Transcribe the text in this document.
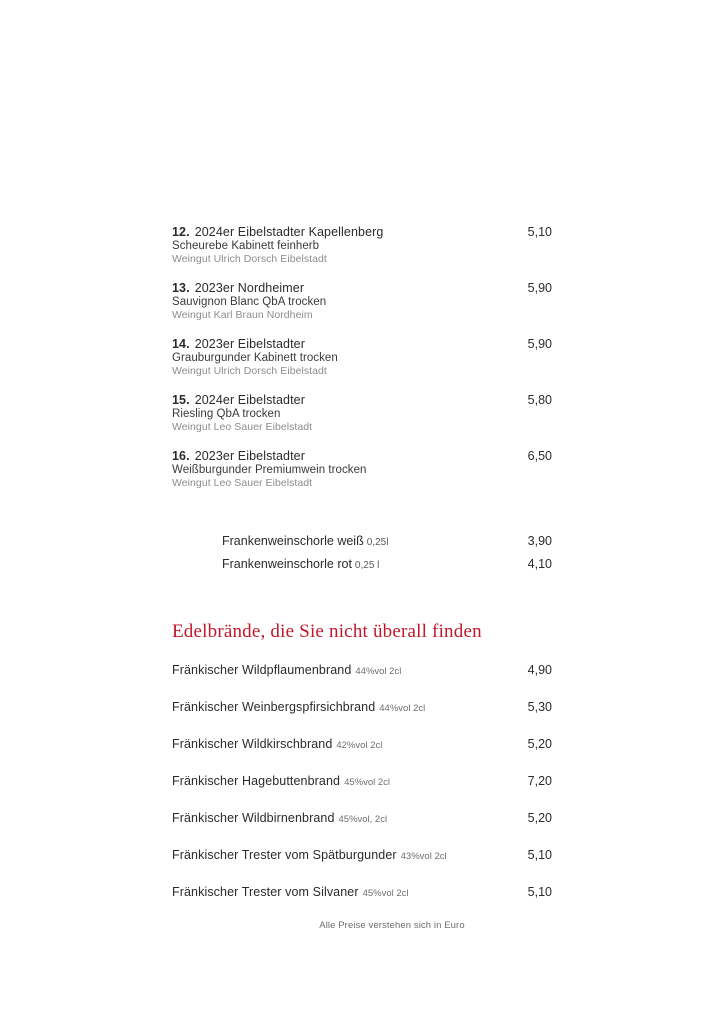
12. 2024er Eibelstadter Kapellenberg	5,10
Scheurebe Kabinett feinherb
Weingut Ulrich Dorsch Eibelstadt
13. 2023er Nordheimer	5,90
Sauvignon Blanc QbA trocken
Weingut Karl Braun Nordheim
14. 2023er Eibelstadter	5,90
Grauburgunder Kabinett trocken
Weingut Ulrich Dorsch Eibelstadt
15. 2024er Eibelstadter	5,80
Riesling QbA trocken
Weingut Leo Sauer Eibelstadt
16. 2023er Eibelstadter	6,50
Weißburgunder Premiumwein trocken
Weingut Leo Sauer Eibelstadt
Frankenweinschorle weiß 0,25l	3,90
Frankenweinschorle rot 0,25 l	4,10
Edelbrände, die Sie nicht überall finden
Fränkischer Wildpflaumenbrand 44%vol 2cl	4,90
Fränkischer Weinbergspfirsichbrand 44%vol 2cl	5,30
Fränkischer Wildkirschbrand 42%vol 2cl	5,20
Fränkischer Hagebuttenbrand 45%vol 2cl	7,20
Fränkischer Wildbirnenbrand 45%vol, 2cl	5,20
Fränkischer Trester vom Spätburgunder 43%vol 2cl	5,10
Fränkischer Trester vom Silvaner 45%vol 2cl	5,10
Alle Preise verstehen sich in Euro
